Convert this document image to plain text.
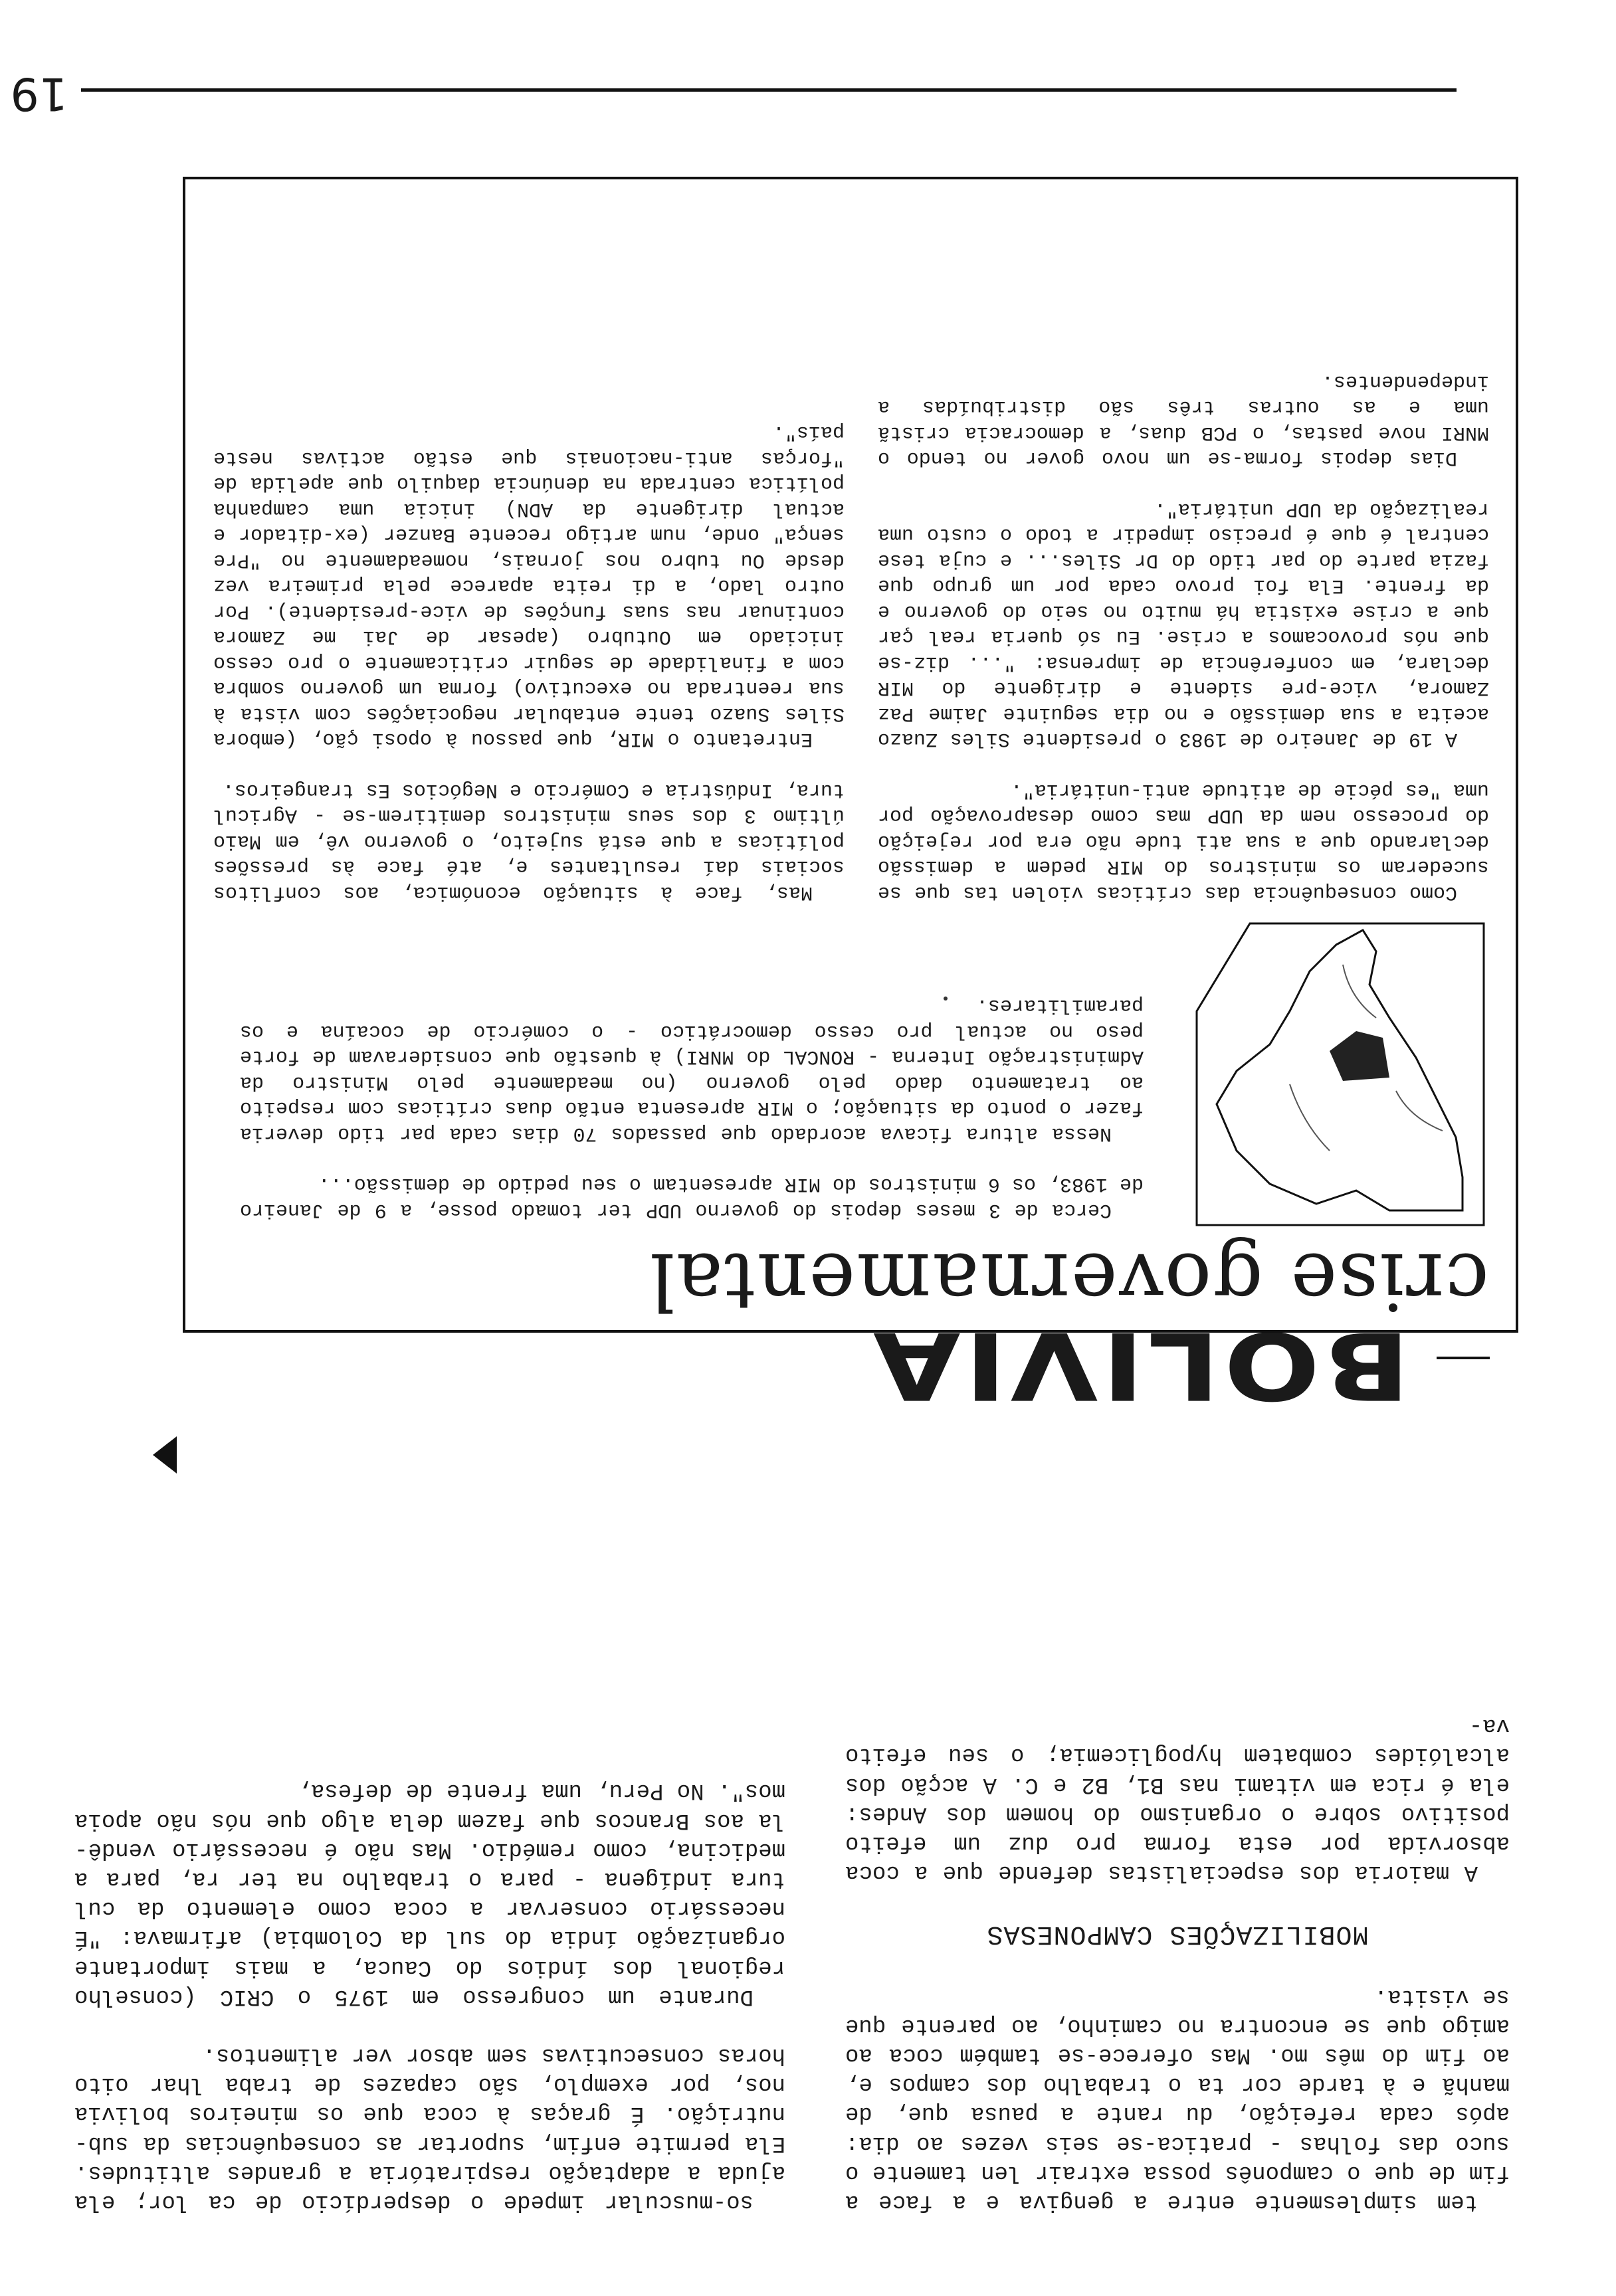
tem simplesmente entre a gengiva e a face a fim de que o camponês possa extrair len tamente o suco das folhas - pratica-se seis vezes ao dia: após cada refeição, du rante a pausa que, de manhã e à tarde cor ta o trabalho dos campos e, ao fim do mês mo. Mas oferece-se também coca ao amigo que se encontra no caminho, ao parente que se visita.

MOBILIZAÇÕES CAMPONESAS

A maioria dos especialistas defende que a coca absorvida por esta forma pro duz um efeito positivo sobre o organismo do homem dos Andes: ela é rica em vitami nas B1, B2 e C. A acção dos alcalóides combatem hypoglicemia; o seu efeito va-

so-muscular impede o desperdício de ca lor; ela ajuda a adaptação respiratória a grandes altitudes. Ela permite enfim, suportar as consequências da sub-nutrição. É graças à coca que os mineiros bolivia nos, por exemplo, são capazes de traba lhar oito horas consecutivas sem absor ver alimentos.

Durante um congresso em 1975 o CRIC (conselho regional dos índios do Cauca, a mais importante organização índia do sul da Colombia) afirmava: "É necessário conservar a coca como elemento da cul tura indígena - para o trabalho na ter ra, para a medicina, como remédio. Mas não é necessário vendê-la aos Brancos que fazem dela algo que nós não apoia mos". No Peru, uma frente de defesa,

BOLIVIA
crise governamental

Cerca de 3 meses depois do governo UDP ter tomado posse, a 9 de Janeiro de 1983, os 6 ministros do MIR apresentam o seu pedido de demissão...

Nessa altura ficava acordado que passados 70 dias cada par tido deveria fazer o ponto da situação; o MIR apresenta então duas críticas com respeito ao tratamento dado pelo governo (no meadamente pelo Ministro da Administração Interna - RONCAL do MNRI) à questão que consideravam de forte peso no actual pro cesso democrático - o comércio de cocaína e os paramilitares.

Como consequência das críticas violen tas que se sucederam os ministros do MIR pedem a demissão declarando que a sua ati tude não era por rejeição do processo nem da UDP mas como desaprovação por uma "es pécie de atitude anti-unitária".

A 19 de Janeiro de 1983 o presidente Siles Zuazo aceita a sua demissão e no dia seguinte Jaime Paz Zamora, vice-pre sidente e dirigente do MIR declara, em conferência de imprensa: "... diz-se que nós provocamos a crise. Eu só queria real çar que a crise existia há muito no seio do governo e da frente. Ela foi provo cada por um grupo que fazia parte do par tido do Dr Siles... e cuja tese central é que é preciso impedir a todo o custo uma realização da UDP unitária".

Dias depois forma-se um novo gover no tendo o MNRI nove pastas, o PCB duas, a democracia cristã uma e as outras três são distribuídas a independentes.

Mas, face à situação económica, aos conflitos sociais daí resultantes e, até face às pressões políticas a que está sujeito, o governo vê, em Maio último 3 dos seus ministros demitirem-se - Agricul tura, Indústria e Comércio e Negócios Es trangeiros.

Entretanto o MIR, que passou à oposi ção, (embora Siles Suazo tente entabular negociações com vista à sua reentrada no executivo) forma um governo sombra com a finalidade de seguir criticamente o pro cesso iniciado em Outubro (apesar de Jai me Zamora continuar nas suas funções de vice-presidente). Por outro lado, a di reita aparece pela primeira vez desde Ou tubro nos jornais, nomeadamente no "Pre sença" onde, num artigo recente Banzer (ex-ditador e actual dirigente da ADN) inicia uma campanha política centrada na denúncia daquilo que apelida de "forças anti-nacionais que estão activas neste país".

19
